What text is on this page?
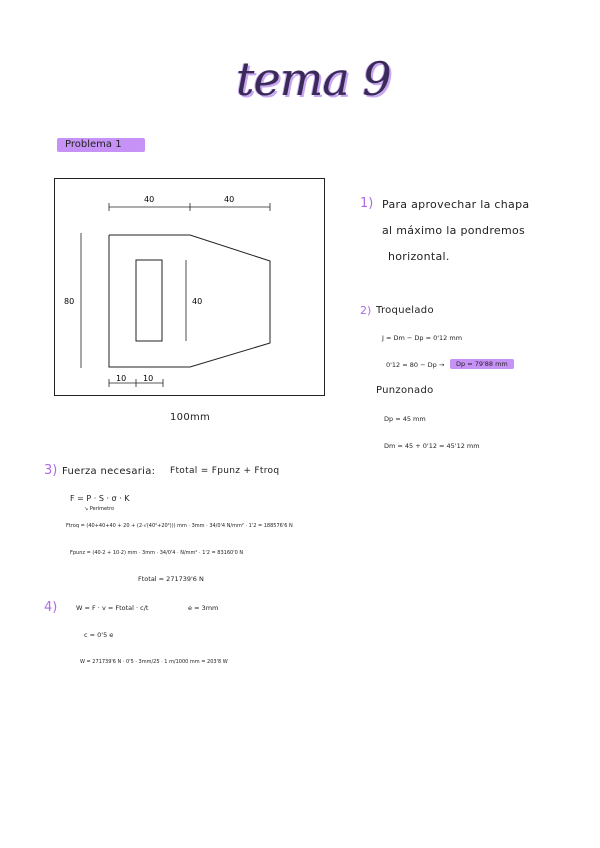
tema 9
Problema 1
40	40
80	40
10 10
100mm
1) Para aprovechar la chapa
al máximo la pondremos
horizontal.
2) Troquelado
J = Dm − Dp = 0'12 mm
0'12 = 80 − Dp →	Dp = 79'88 mm
Punzonado
Dp = 45 mm
Dm = 45 + 0'12 = 45'12 mm
3) Fuerza necesaria: Ftotal = Fpunz + Ftroq
F = P · S · σ · K
↘ Perímetro
Ftroq = (40+40+40 + 20 + (2·√(40²+20²))) mm · 3mm · 34/0'4 N/mm² · 1'2 = 188576'6 N
Fpunz = (40·2 + 10·2) mm · 3mm · 34/0'4 · N/mm² · 1'2 = 83160'0 N
Ftotal = 271739'6 N
4)	W = F · v = Ftotal · c/t	e = 3mm
c = 0'5 e
W = 271739'6 N · 0'5 · 3mm/25 · 1 m/1000 mm = 203'8 W
